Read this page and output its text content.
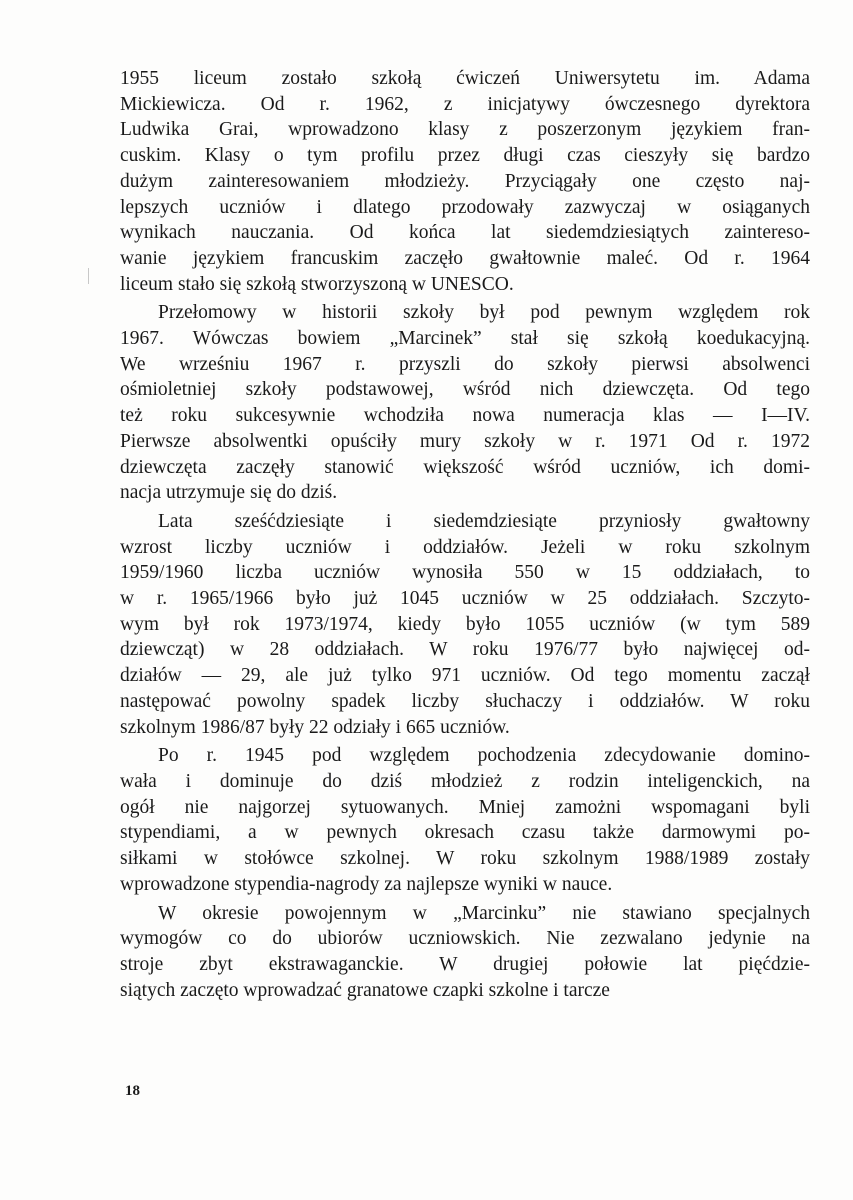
1955 liceum zostało szkołą ćwiczeń Uniwersytetu im. Adama
Mickiewicza. Od r. 1962, z inicjatywy ówczesnego dyrektora
Ludwika Grai, wprowadzono klasy z poszerzonym językiem fran-
cuskim. Klasy o tym profilu przez długi czas cieszyły się bardzo
dużym zainteresowaniem młodzieży. Przyciągały one często naj-
lepszych uczniów i dlatego przodowały zazwyczaj w osiąganych
wynikach nauczania. Od końca lat siedemdziesiątych zaintereso-
wanie językiem francuskim zaczęło gwałtownie maleć. Od r. 1964
liceum stało się szkołą stworzyszoną w UNESCO.
Przełomowy w historii szkoły był pod pewnym względem rok
1967. Wówczas bowiem „Marcinek” stał się szkołą koedukacyjną.
We wrześniu 1967 r. przyszli do szkoły pierwsi absolwenci
ośmioletniej szkoły podstawowej, wśród nich dziewczęta. Od tego
też roku sukcesywnie wchodziła nowa numeracja klas — I—IV.
Pierwsze absolwentki opuściły mury szkoły w r. 1971 Od r. 1972
dziewczęta zaczęły stanowić większość wśród uczniów, ich domi-
nacja utrzymuje się do dziś.
Lata sześćdziesiąte i siedemdziesiąte przyniosły gwałtowny
wzrost liczby uczniów i oddziałów. Jeżeli w roku szkolnym
1959/1960 liczba uczniów wynosiła 550 w 15 oddziałach, to
w r. 1965/1966 było już 1045 uczniów w 25 oddziałach. Szczyto-
wym był rok 1973/1974, kiedy było 1055 uczniów (w tym 589
dziewcząt) w 28 oddziałach. W roku 1976/77 było najwięcej od-
działów — 29, ale już tylko 971 uczniów. Od tego momentu zaczął
następować powolny spadek liczby słuchaczy i oddziałów. W roku
szkolnym 1986/87 były 22 odziały i 665 uczniów.
Po r. 1945 pod względem pochodzenia zdecydowanie domino-
wała i dominuje do dziś młodzież z rodzin inteligenckich, na
ogół nie najgorzej sytuowanych. Mniej zamożni wspomagani byli
stypendiami, a w pewnych okresach czasu także darmowymi po-
siłkami w stołówce szkolnej. W roku szkolnym 1988/1989 zostały
wprowadzone stypendia-nagrody za najlepsze wyniki w nauce.
W okresie powojennym w „Marcinku” nie stawiano specjalnych
wymogów co do ubiorów uczniowskich. Nie zezwalano jedynie na
stroje zbyt ekstrawaganckie. W drugiej połowie lat pięćdzie-
siątych zaczęto wprowadzać granatowe czapki szkolne i tarcze
18
